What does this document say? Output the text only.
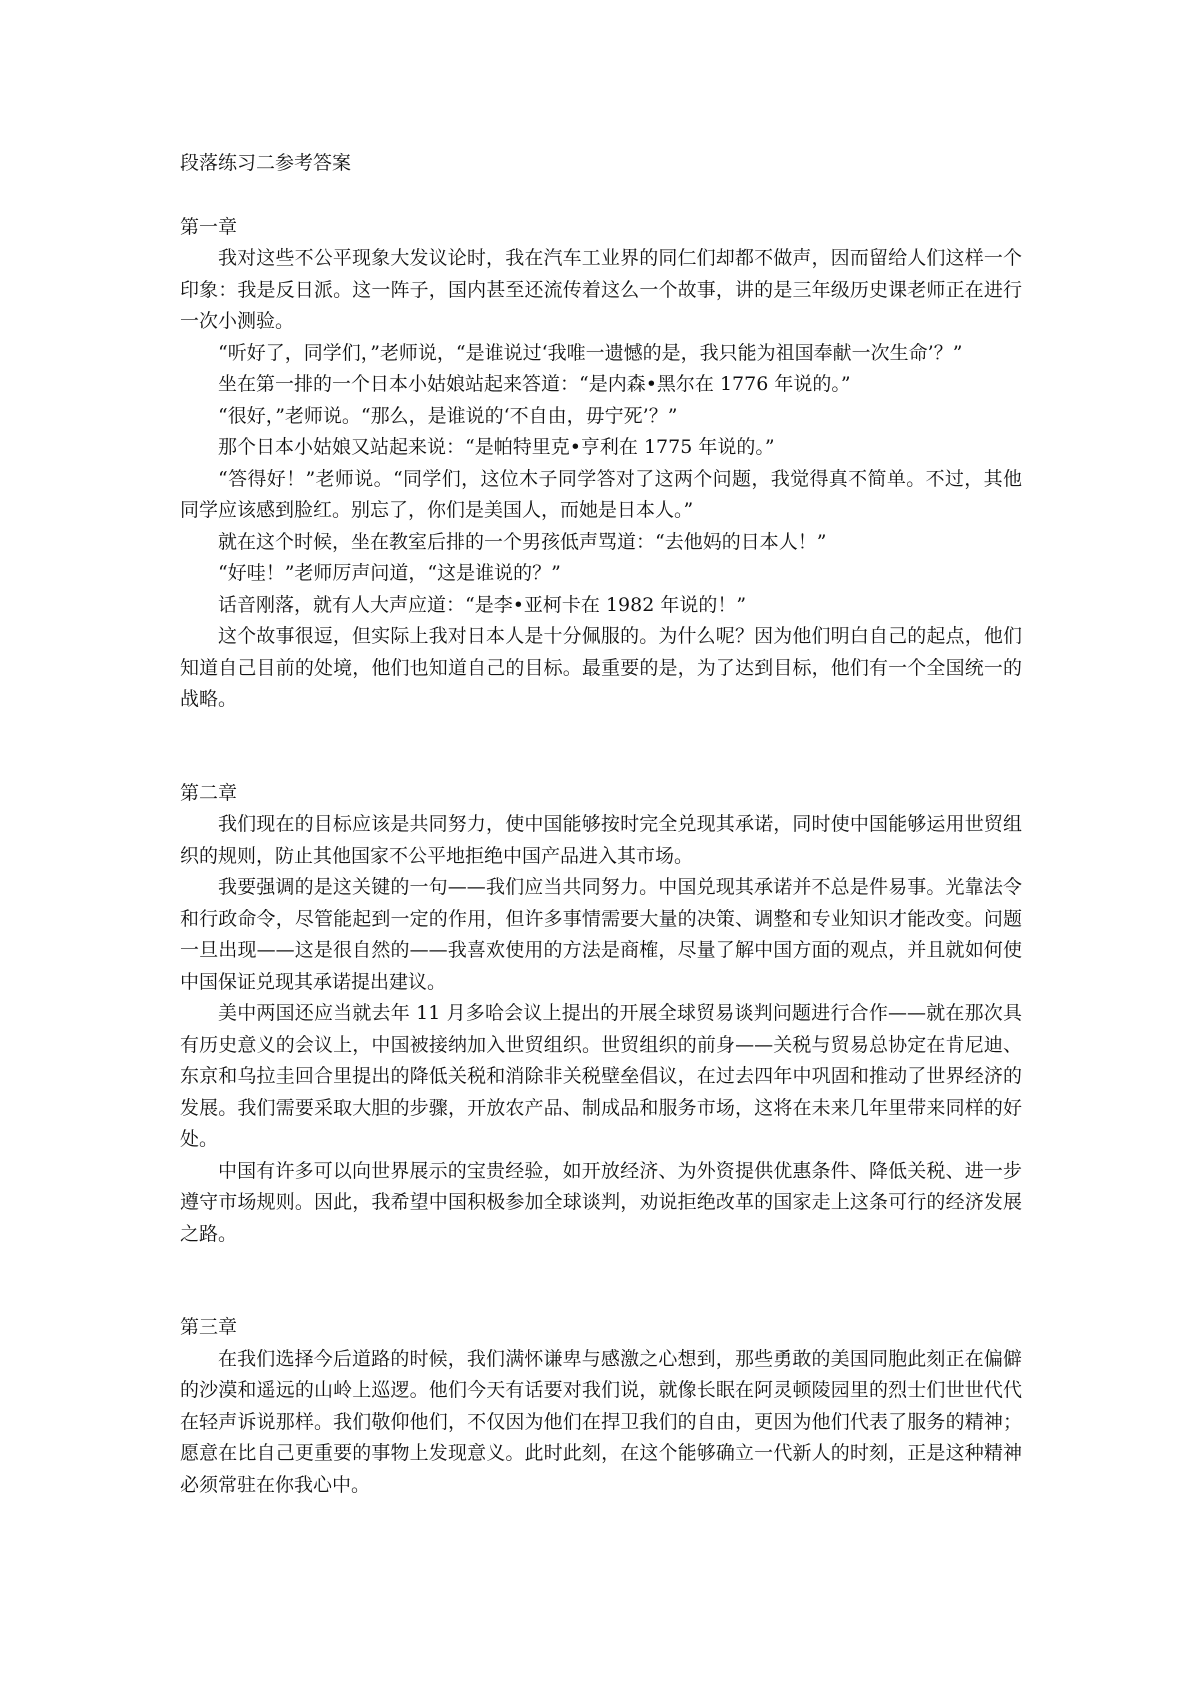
段落练习二参考答案
第一章

我对这些不公平现象大发议论时，我在汽车工业界的同仁们却都不做声，因而留给人们这样一个印象：我是反日派。这一阵子，国内甚至还流传着这么一个故事，讲的是三年级历史课老师正在进行一次小测验。

“听好了，同学们，”老师说，“是谁说过‘我唯一遗憾的是，我只能为祖国奉献一次生命’？”

坐在第一排的一个日本小姑娘站起来答道：“是内森•黑尔在 1776 年说的。”

“很好，”老师说。“那么，是谁说的‘不自由，毋宁死’？”

那个日本小姑娘又站起来说：“是帕特里克•亨利在 1775 年说的。”

“答得好！”老师说。“同学们，这位木子同学答对了这两个问题，我觉得真不简单。不过，其他同学应该感到脸红。别忘了，你们是美国人，而她是日本人。”

就在这个时候，坐在教室后排的一个男孩低声骂道：“去他妈的日本人！”

“好哇！”老师厉声问道，“这是谁说的？”

话音刚落，就有人大声应道：“是李•亚柯卡在 1982 年说的！”

这个故事很逗，但实际上我对日本人是十分佩服的。为什么呢？因为他们明白自己的起点，他们知道自己目前的处境，他们也知道自己的目标。最重要的是，为了达到目标，他们有一个全国统一的战略。

第二章

我们现在的目标应该是共同努力，使中国能够按时完全兑现其承诺，同时使中国能够运用世贸组织的规则，防止其他国家不公平地拒绝中国产品进入其市场。

我要强调的是这关键的一句——我们应当共同努力。中国兑现其承诺并不总是件易事。光靠法令和行政命令，尽管能起到一定的作用，但许多事情需要大量的决策、调整和专业知识才能改变。问题一旦出现——这是很自然的——我喜欢使用的方法是商榷，尽量了解中国方面的观点，并且就如何使中国保证兑现其承诺提出建议。

美中两国还应当就去年 11 月多哈会议上提出的开展全球贸易谈判问题进行合作——就在那次具有历史意义的会议上，中国被接纳加入世贸组织。世贸组织的前身——关税与贸易总协定在肯尼迪、东京和乌拉圭回合里提出的降低关税和消除非关税壁垒倡议，在过去四年中巩固和推动了世界经济的发展。我们需要采取大胆的步骤，开放农产品、制成品和服务市场，这将在未来几年里带来同样的好处。

中国有许多可以向世界展示的宝贵经验，如开放经济、为外资提供优惠条件、降低关税、进一步遵守市场规则。因此，我希望中国积极参加全球谈判，劝说拒绝改革的国家走上这条可行的经济发展之路。

第三章

在我们选择今后道路的时候，我们满怀谦卑与感激之心想到，那些勇敢的美国同胞此刻正在偏僻的沙漠和遥远的山岭上巡逻。他们今天有话要对我们说，就像长眠在阿灵顿陵园里的烈士们世世代代在轻声诉说那样。我们敬仰他们，不仅因为他们在捍卫我们的自由，更因为他们代表了服务的精神；愿意在比自己更重要的事物上发现意义。此时此刻，在这个能够确立一代新人的时刻，正是这种精神必须常驻在你我心中。
